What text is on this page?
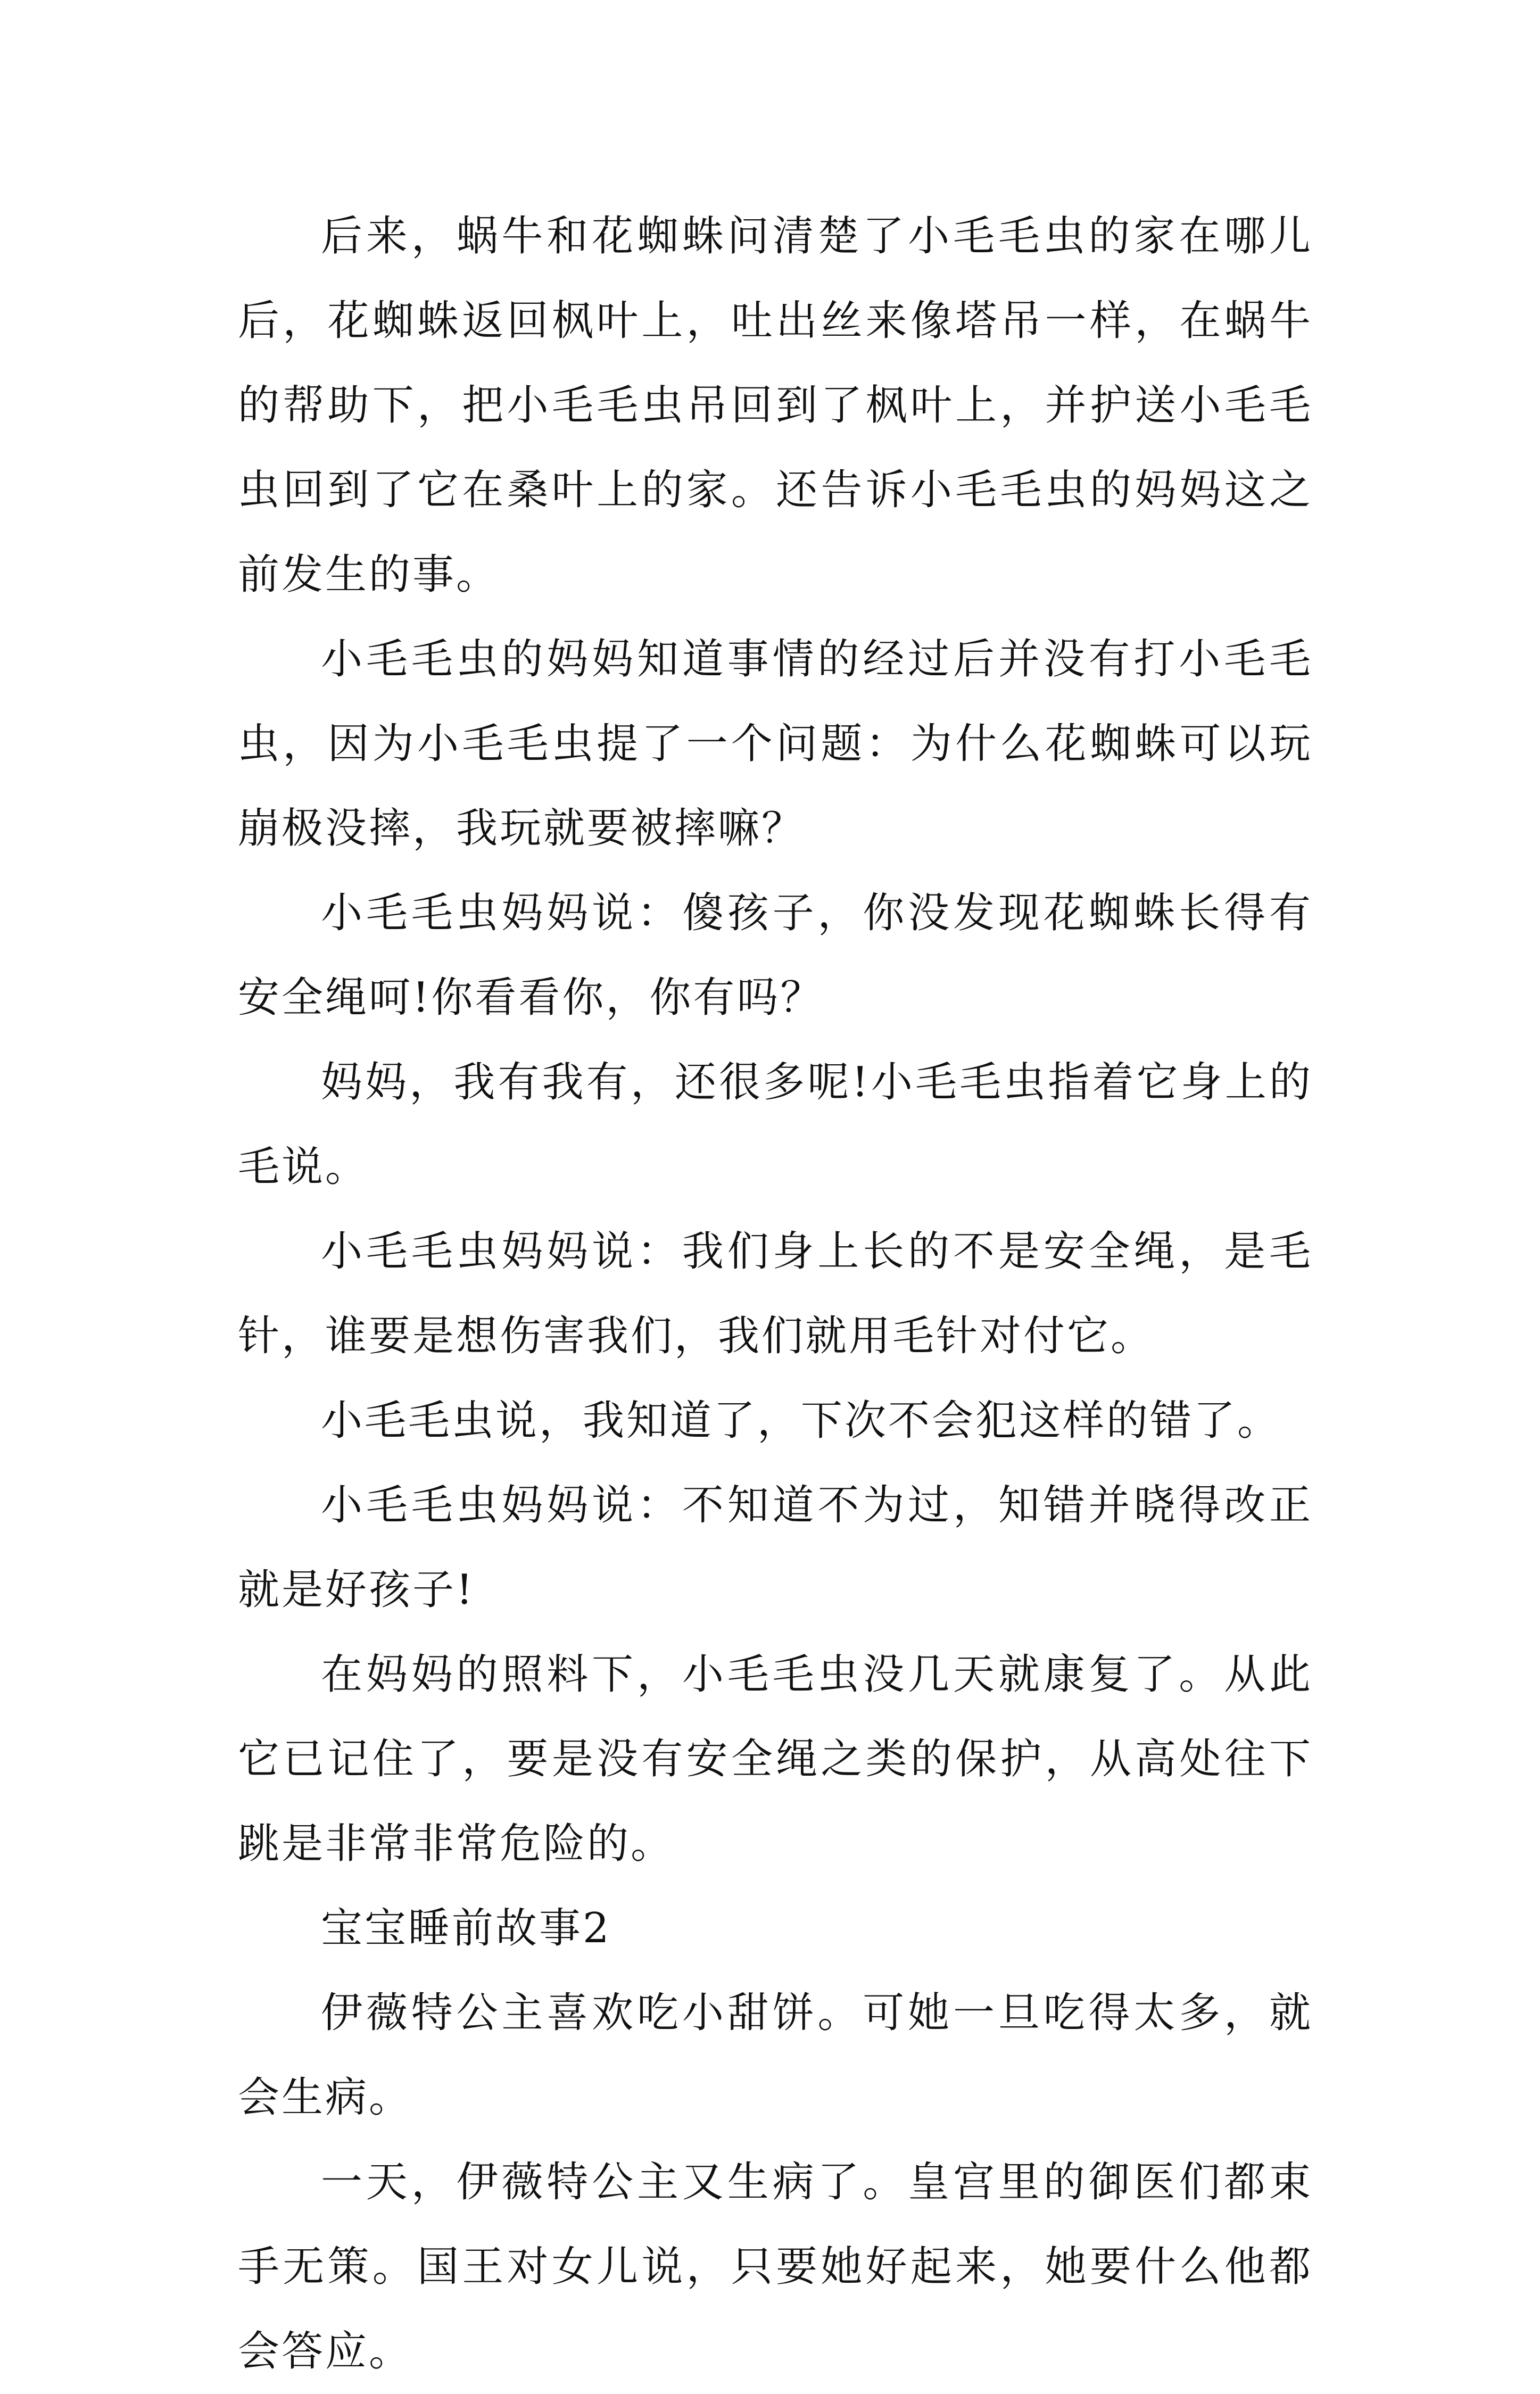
后来，蜗牛和花蜘蛛问清楚了小毛毛虫的家在哪儿后，花蜘蛛返回枫叶上，吐出丝来像塔吊一样，在蜗牛的帮助下，把小毛毛虫吊回到了枫叶上，并护送小毛毛虫回到了它在桑叶上的家。还告诉小毛毛虫的妈妈这之前发生的事。

小毛毛虫的妈妈知道事情的经过后并没有打小毛毛虫，因为小毛毛虫提了一个问题：为什么花蜘蛛可以玩崩极没摔，我玩就要被摔嘛？

小毛毛虫妈妈说：傻孩子，你没发现花蜘蛛长得有安全绳呵!你看看你，你有吗？

妈妈，我有我有，还很多呢!小毛毛虫指着它身上的毛说。

小毛毛虫妈妈说：我们身上长的不是安全绳，是毛针，谁要是想伤害我们，我们就用毛针对付它。

小毛毛虫说，我知道了，下次不会犯这样的错了。

小毛毛虫妈妈说：不知道不为过，知错并晓得改正就是好孩子!

在妈妈的照料下，小毛毛虫没几天就康复了。从此它已记住了，要是没有安全绳之类的保护，从高处往下跳是非常非常危险的。

宝宝睡前故事2

伊薇特公主喜欢吃小甜饼。可她一旦吃得太多，就会生病。

一天，伊薇特公主又生病了。皇宫里的御医们都束手无策。国王对女儿说，只要她好起来，她要什么他都会答应。
